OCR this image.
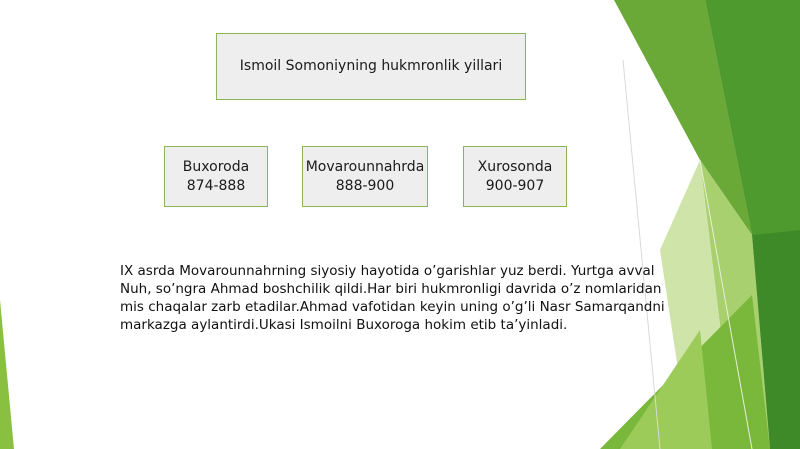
Ismoil Somoniyning hukmronlik yillari
Buxoroda
874-888
Movarounnahrda
888-900
Xurosonda
900-907

IX asrda Movarounnahrning siyosiy hayotida o’garishlar yuz berdi. Yurtga avval
Nuh, so’ngra Ahmad boshchilik qildi.Har biri hukmronligi davrida o’z nomlaridan
mis chaqalar zarb etadilar.Ahmad vafotidan keyin uning o’g’li Nasr Samarqandni
markazga aylantirdi.Ukasi Ismoilni Buxoroga hokim etib ta’yinladi.
